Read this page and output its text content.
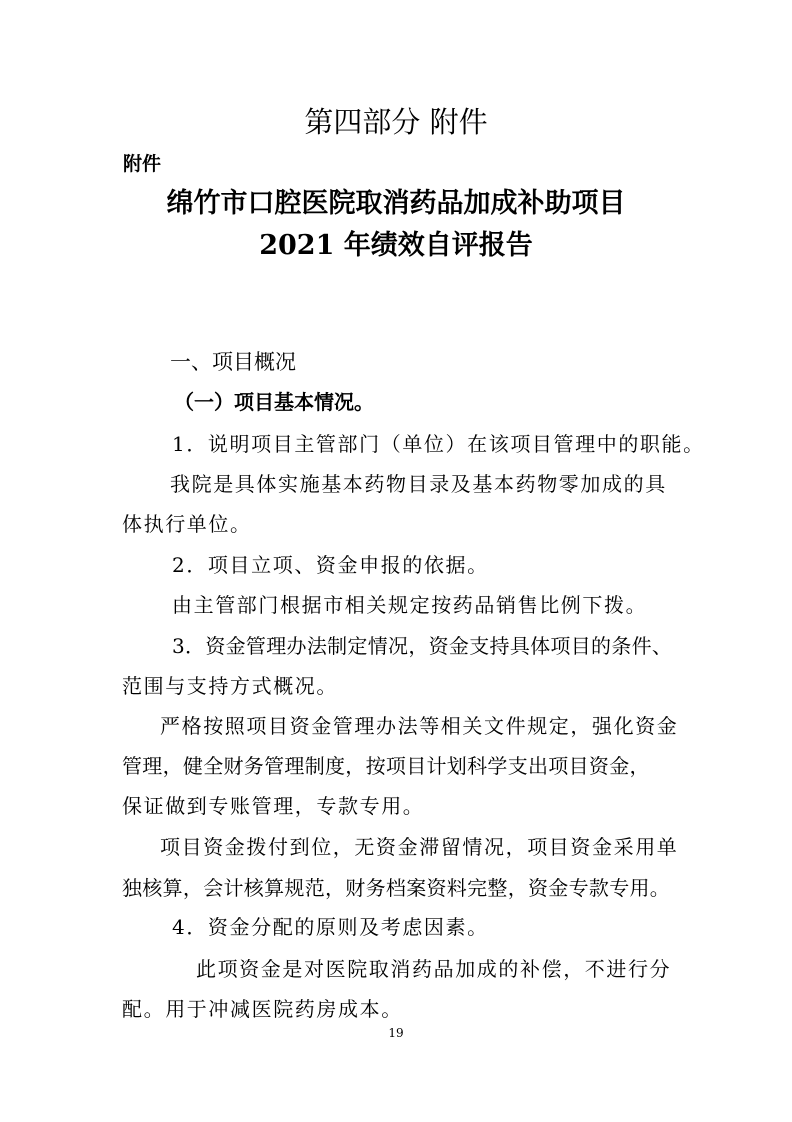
第四部分 附件
附件
绵竹市口腔医院取消药品加成补助项目
2021 年绩效自评报告
一、项目概况
（一）项目基本情况。
1．说明项目主管部门（单位）在该项目管理中的职能。
我院是具体实施基本药物目录及基本药物零加成的具
体执行单位。
2．项目立项、资金申报的依据。
由主管部门根据市相关规定按药品销售比例下拨。
3．资金管理办法制定情况，资金支持具体项目的条件、
范围与支持方式概况。
严格按照项目资金管理办法等相关文件规定，强化资金
管理，健全财务管理制度，按项目计划科学支出项目资金，
保证做到专账管理，专款专用。
项目资金拨付到位，无资金滞留情况，项目资金采用单
独核算，会计核算规范，财务档案资料完整，资金专款专用。
4．资金分配的原则及考虑因素。
此项资金是对医院取消药品加成的补偿，不进行分
配。用于冲减医院药房成本。
19
